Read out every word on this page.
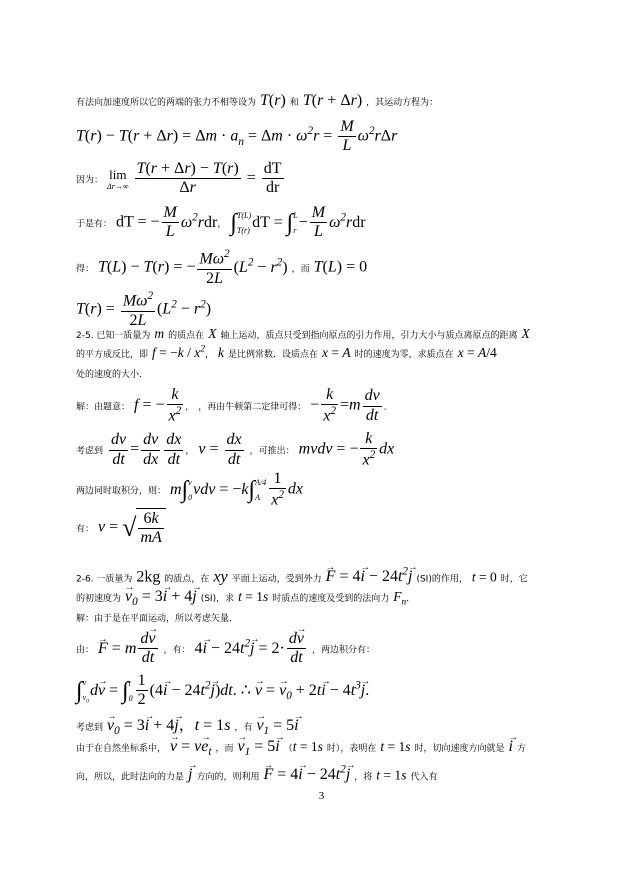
有法向加速度所以它的两端的张力不相等设为 T(r) 和 T(r + Δr) ，其运动方程为：
$T(r) - T(r + \Delta r) = \Delta m \cdot a_n = \Delta m \cdot \omega^2r = \frac{M}{L} \omega^2r\Delta r$
因为： lim
Δr→∞
$\frac{T(r + \Delta r) - T(r)}{\Delta r} = \frac{dT}{dr}$
于是有： dT = − $\frac{M}{L} \omega^2rdr$， ∫ T(L)
T(r) dT = ∫ L
$r - \frac{M}{L} \omega^2rdr$
得： T(L) − T(r) = − $\frac{M\omega^2}{2L} (L^2 - r^2)$ ，而 T(L) = 0
$T(r) = \frac{M\omega^2}{2L} (L^2 - r^2)$
2-5. 已知一质量为 m 的质点在 X 轴上运动，质点只受到指向原点的引力作用，引力大小与质点离原点的距离 X
的平方成反比，即 $f = -k / x^2$， k 是比例常数．设质点在 x = A 时的速度为零，求质点在 x = A/4
处的速度的大小．
解：由题意： f = − $\frac{k}{x^2}$ ， ，再由牛顿第二定律可得： − $\frac{k}{x^2} =m \frac{dv}{dt}$ ．
考虑到 $\frac{dv}{dt} = \frac{dv}{dx} \frac{dx}{dt}$ ， $v = \frac{dx}{dt}$ ，可推出： mvdv = − $\frac{k}{x^2}$ dx
两边同时取积分，则： m∫ v
0 vdv = −k∫ A/4
A $\frac{1}{x^2}$ dx
有： v = √ $\frac{6k}{mA}$
2-6. 一质量为 2kg 的质点，在 xy 平面上运动，受到外力 → $F = 4\to i - 24t^2\to j$ (SI)的作用， t = 0 时，它
的初速度为 → $v_0 = 3\to i + 4\to j$ (SI)，求 t = 1s 时质点的速度及受到的法向力 $F_n$．
解：由于是在平面运动，所以考虑矢量．
由： → F = m $\frac{d\to v}{dt}$ ，有： $4\to i - 24t^2\to j = 2\cdot \frac{d\to v}{dt}$ ，两边积分有：
∫ v
$v_0$
d→ v = ∫ t
$0 \frac{1}{2} (4\to i - 24t^2\to j)dt$. ∴ → v = → $v_0 + 2t\to i - 4t^3\to j$.
考虑到 → $v_0 = 3\to i + 4\to j$，t = 1s ，有 → $v_1 = 5\to i$
由于在自然坐标系中， → $v = v\to e_t$ ，而 → $v_1 = 5\to i$ （t = 1s 时），表明在 t = 1s 时，切向速度方向就是 → i 方
向，所以，此时法向的力是 → j 方向的，则利用 → $F = 4\to i - 24t^2\to j$ ，将 t = 1s 代入有
3
